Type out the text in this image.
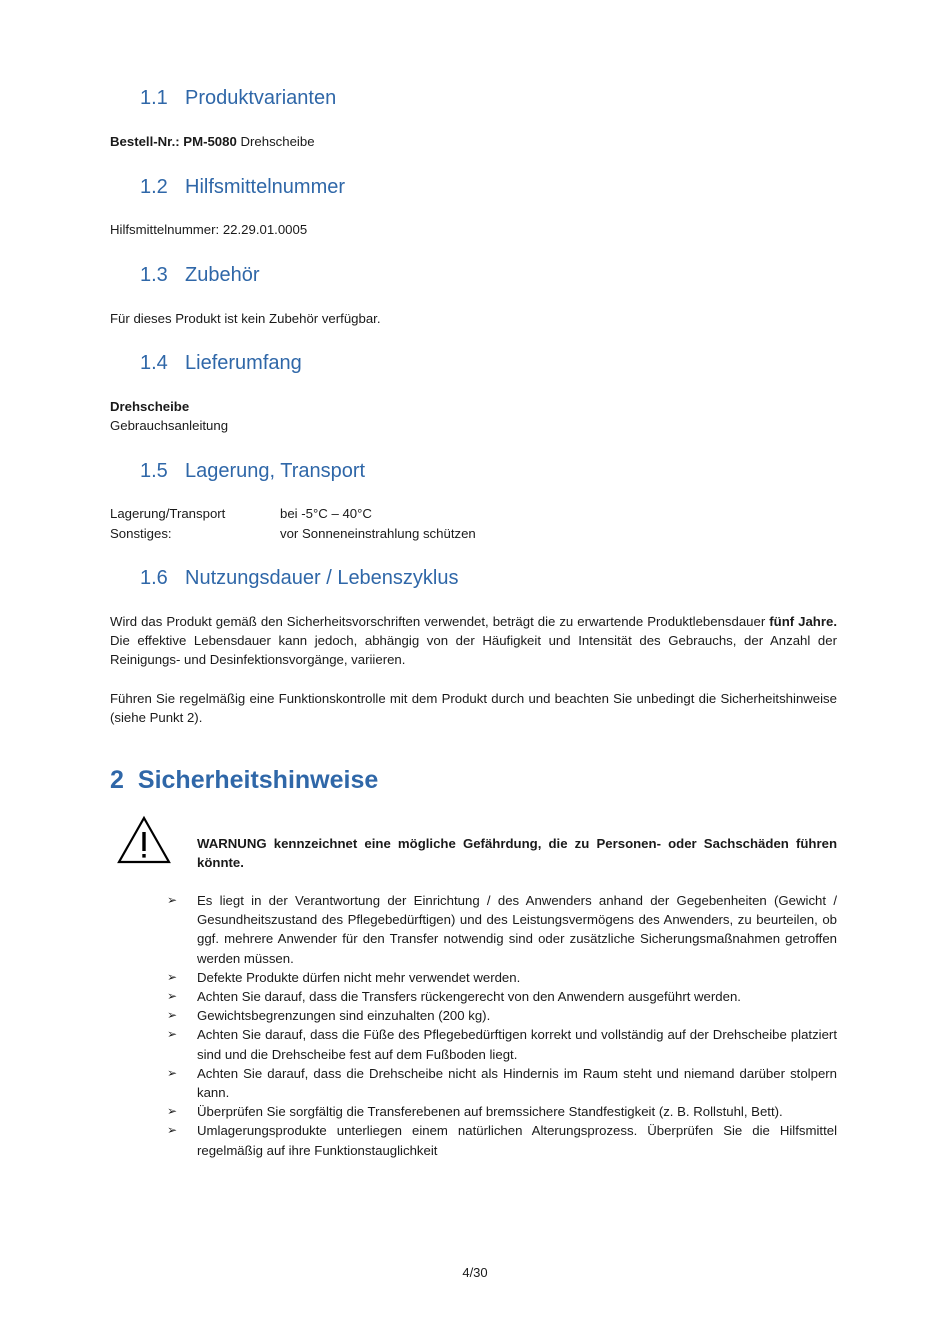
1.1 Produktvarianten

Bestell-Nr.: PM-5080 Drehscheibe

1.2 Hilfsmittelnummer

Hilfsmittelnummer: 22.29.01.0005

1.3 Zubehör

Für dieses Produkt ist kein Zubehör verfügbar.

1.4 Lieferumfang

Drehscheibe

Gebrauchsanleitung

1.5 Lagerung, Transport
Lagerung/Transport	bei -5°C – 40°C
Sonstiges:	vor Sonneneinstrahlung schützen
1.6 Nutzungsdauer / Lebenszyklus

Wird das Produkt gemäß den Sicherheitsvorschriften verwendet, beträgt die zu erwartende Produktlebensdauer fünf Jahre. Die effektive Lebensdauer kann jedoch, abhängig von der Häufigkeit und Intensität des Gebrauchs, der Anzahl der Reinigungs- und Desinfektionsvorgänge, variieren.

Führen Sie regelmäßig eine Funktionskontrolle mit dem Produkt durch und beachten Sie unbedingt die Sicherheitshinweise (siehe Punkt 2).

2 Sicherheitshinweise
WARNUNG kennzeichnet eine mögliche Gefährdung, die zu Personen- oder Sachschäden führen könnte.
➢ Es liegt in der Verantwortung der Einrichtung / des Anwenders anhand der Gegebenheiten (Gewicht / Gesundheitszustand des Pflegebedürftigen) und des Leistungsvermögens des Anwenders, zu beurteilen, ob ggf. mehrere Anwender für den Transfer notwendig sind oder zusätzliche Sicherungsmaßnahmen getroffen werden müssen.
➢ Defekte Produkte dürfen nicht mehr verwendet werden.
➢ Achten Sie darauf, dass die Transfers rückengerecht von den Anwendern ausgeführt werden.
➢ Gewichtsbegrenzungen sind einzuhalten (200 kg).
➢ Achten Sie darauf, dass die Füße des Pflegebedürftigen korrekt und vollständig auf der Drehscheibe platziert sind und die Drehscheibe fest auf dem Fußboden liegt.
➢ Achten Sie darauf, dass die Drehscheibe nicht als Hindernis im Raum steht und niemand darüber stolpern kann.
➢ Überprüfen Sie sorgfältig die Transferebenen auf bremssichere Standfestigkeit (z. B. Rollstuhl, Bett).
➢ Umlagerungsprodukte unterliegen einem natürlichen Alterungsprozess. Überprüfen Sie die Hilfsmittel regelmäßig auf ihre Funktionstauglichkeit
4/30
